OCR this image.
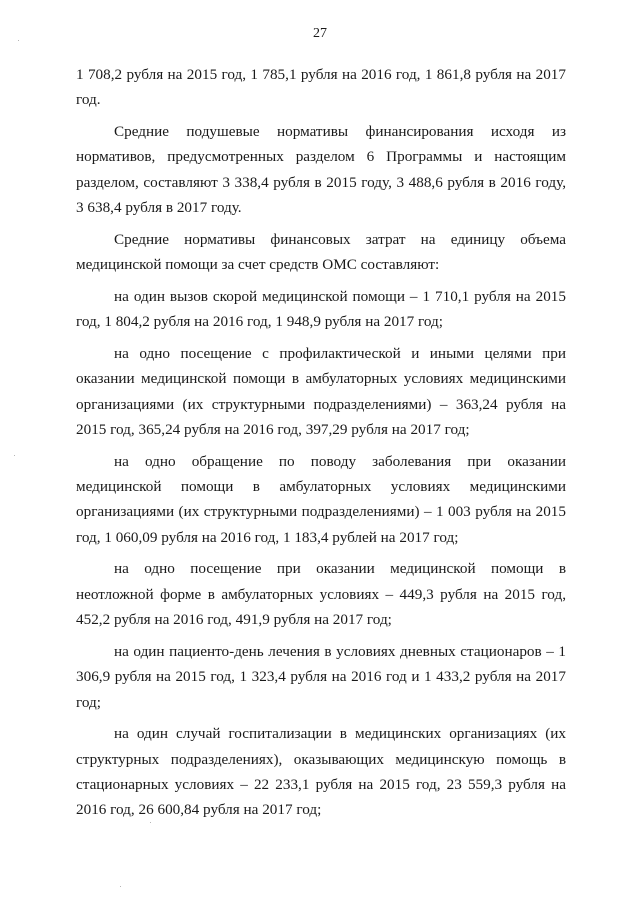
27

1 708,2 рубля на 2015 год, 1 785,1 рубля на 2016 год, 1 861,8 рубля на 2017 год.

Средние подушевые нормативы финансирования исходя из нормативов, предусмотренных разделом 6 Программы и настоящим разделом, составляют 3 338,4 рубля в 2015 году, 3 488,6 рубля в 2016 году, 3 638,4 рубля в 2017 году.

Средние нормативы финансовых затрат на единицу объема медицинской помощи за счет средств ОМС составляют:

на один вызов скорой медицинской помощи – 1 710,1 рубля на 2015 год, 1 804,2 рубля на 2016 год, 1 948,9 рубля на 2017 год;

на одно посещение с профилактической и иными целями при оказании медицинской помощи в амбулаторных условиях медицинскими организациями (их структурными подразделениями) – 363,24 рубля на 2015 год, 365,24 рубля на 2016 год, 397,29 рубля на 2017 год;

на одно обращение по поводу заболевания при оказании медицинской помощи в амбулаторных условиях медицинскими организациями (их структурными подразделениями) – 1 003 рубля на 2015 год, 1 060,09 рубля на 2016 год, 1 183,4 рублей на 2017 год;

на одно посещение при оказании медицинской помощи в неотложной форме в амбулаторных условиях – 449,3 рубля на 2015 год, 452,2 рубля на 2016 год, 491,9 рубля на 2017 год;

на один пациенто-день лечения в условиях дневных стационаров – 1 306,9 рубля на 2015 год, 1 323,4 рубля на 2016 год и 1 433,2 рубля на 2017 год;

на один случай госпитализации в медицинских организациях (их структурных подразделениях), оказывающих медицинскую помощь в стационарных условиях – 22 233,1 рубля на 2015 год, 23 559,3 рубля на 2016 год, 26 600,84 рубля на 2017 год;
